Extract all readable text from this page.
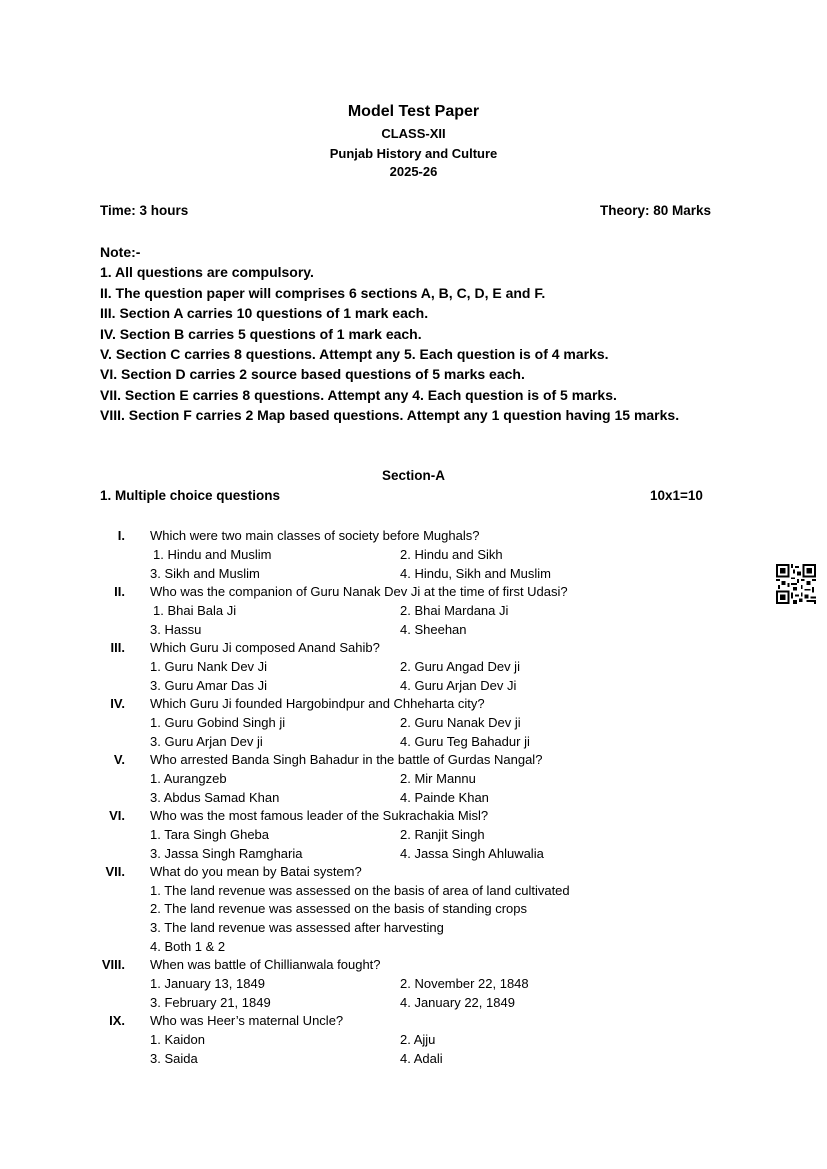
Model Test Paper
CLASS-XII
Punjab History and Culture
2025-26
Time: 3 hours	Theory: 80 Marks
Note:-
1. All questions are compulsory.
II. The question paper will comprises 6 sections A, B, C, D, E and F.
III. Section A carries 10 questions of 1 mark each.
IV. Section B carries 5 questions of 1 mark each.
V. Section C carries 8 questions. Attempt any 5. Each question is of 4 marks.
VI. Section D carries 2 source based questions of 5 marks each.
VII. Section E carries 8 questions. Attempt any 4. Each question is of 5 marks.
VIII. Section F carries 2 Map based questions. Attempt any 1 question having 15 marks.
Section-A
1. Multiple choice questions	10x1=10
I. Which were two main classes of society before Mughals?
1. Hindu and Muslim	2. Hindu and Sikh
3. Sikh and Muslim	4. Hindu, Sikh and Muslim
II. Who was the companion of Guru Nanak Dev Ji at the time of first Udasi?
1. Bhai Bala Ji	2. Bhai Mardana Ji
3. Hassu	4. Sheehan
III. Which Guru Ji composed Anand Sahib?
1. Guru Nank Dev Ji	2. Guru Angad Dev ji
3. Guru Amar Das Ji	4. Guru Arjan Dev Ji
IV. Which Guru Ji founded Hargobindpur and Chheharta city?
1. Guru Gobind Singh ji	2. Guru Nanak Dev ji
3. Guru Arjan Dev ji	4. Guru Teg Bahadur ji
V. Who arrested Banda Singh Bahadur in the battle of Gurdas Nangal?
1. Aurangzeb	2. Mir Mannu
3. Abdus Samad Khan	4. Painde Khan
VI. Who was the most famous leader of the Sukrachakia Misl?
1. Tara Singh Gheba	2. Ranjit Singh
3. Jassa Singh Ramgharia	4. Jassa Singh Ahluwalia
VII. What do you mean by Batai system?
1. The land revenue was assessed on the basis of area of land cultivated
2. The land revenue was assessed on the basis of standing crops
3. The land revenue was assessed after harvesting
4. Both 1 & 2
VIII. When was battle of Chillianwala fought?
1. January 13, 1849	2. November 22, 1848
3. February 21, 1849	4. January 22, 1849
IX. Who was Heer’s maternal Uncle?
1. Kaidon	2. Ajju
3. Saida	4. Adali
